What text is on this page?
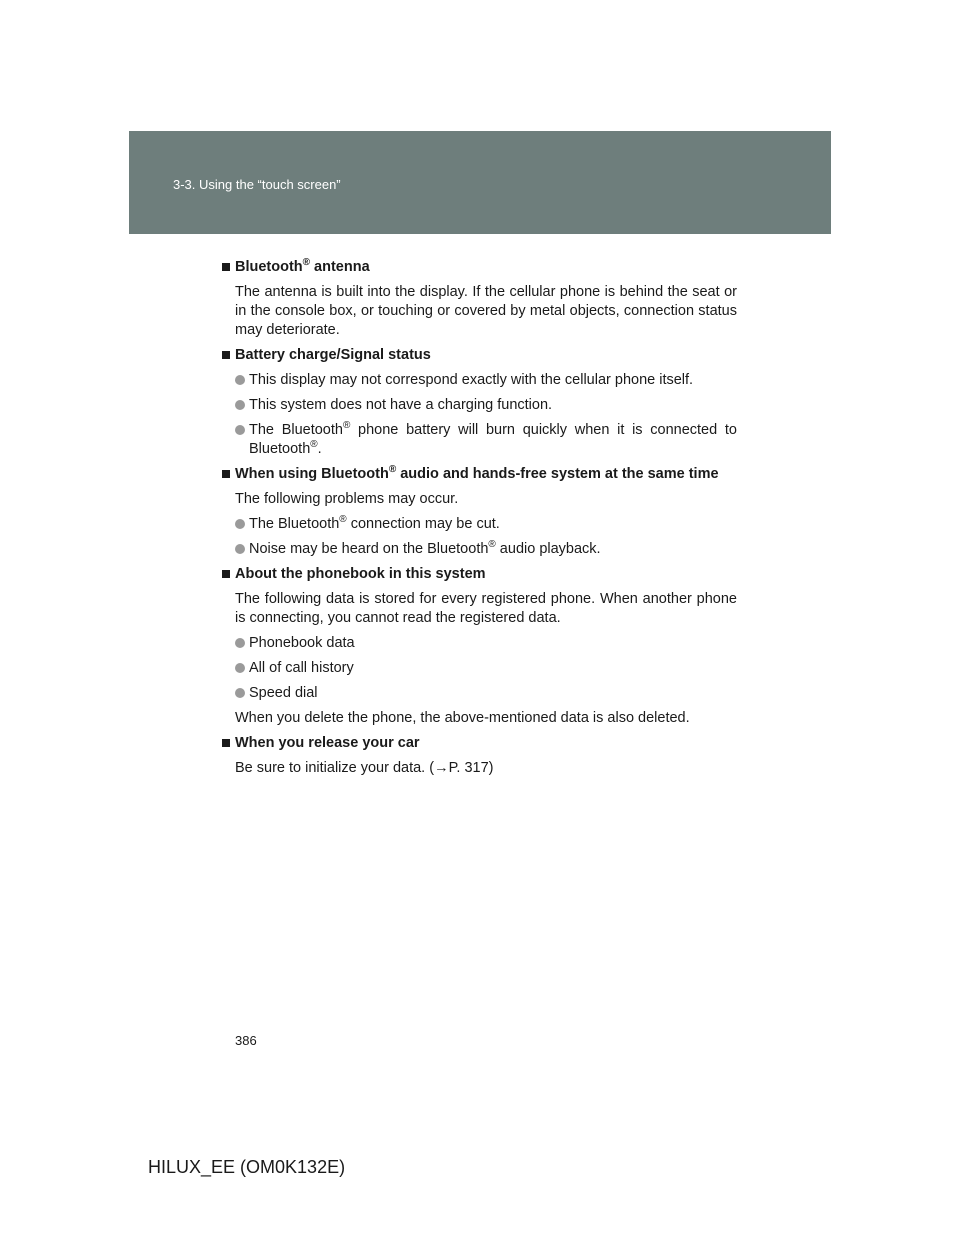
3-3. Using the “touch screen”
Bluetooth® antenna
The antenna is built into the display. If the cellular phone is behind the seat or in the console box, or touching or covered by metal objects, connection status may deteriorate.
Battery charge/Signal status
This display may not correspond exactly with the cellular phone itself.
This system does not have a charging function.
The Bluetooth® phone battery will burn quickly when it is connected to Bluetooth®.
When using Bluetooth® audio and hands-free system at the same time
The following problems may occur.
The Bluetooth® connection may be cut.
Noise may be heard on the Bluetooth® audio playback.
About the phonebook in this system
The following data is stored for every registered phone. When another phone is connecting, you cannot read the registered data.
Phonebook data
All of call history
Speed dial
When you delete the phone, the above-mentioned data is also deleted.
When you release your car
Be sure to initialize your data. (→P. 317)
386
HILUX_EE (OM0K132E)
